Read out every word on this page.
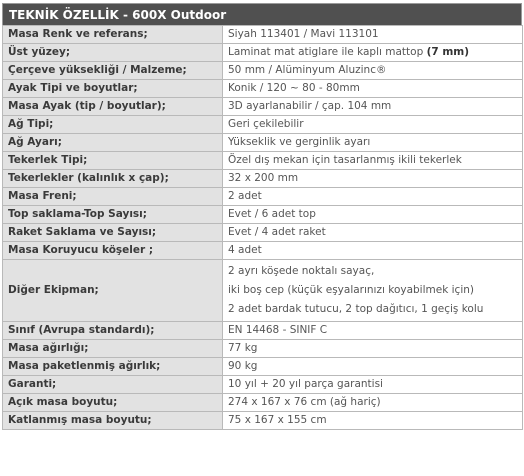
TEKNİK ÖZELLİK - 600X Outdoor
Masa Renk ve referans;	Siyah 113401 / Mavi 113101
Üst yüzey;	Laminat mat atiglare ile kaplı mattop (7 mm)
Çerçeve yüksekliği / Malzeme;	50 mm / Alüminyum Aluzinc®
Ayak Tipi ve boyutlar;	Konik / 120 ~ 80 - 80mm
Masa Ayak (tip / boyutlar);	3D ayarlanabilir / çap. 104 mm
Ağ Tipi;	Geri çekilebilir
Ağ Ayarı;	Yükseklik ve gerginlik ayarı
Tekerlek Tipi;	Özel dış mekan için tasarlanmış ikili tekerlek
Tekerlekler (kalınlık x çap);	32 x 200 mm
Masa Freni;	2 adet
Top saklama-Top Sayısı;	Evet / 6 adet top
Raket Saklama ve Sayısı;	Evet / 4 adet raket
Masa Koruyucu köşeler ;	4 adet
Diğer Ekipman;	2 ayrı köşede noktalı sayaç,
iki boş cep (küçük eşyalarınızı koyabilmek için)
2 adet bardak tutucu, 2 top dağıtıcı, 1 geçiş kolu

Sınıf (Avrupa standardı);	EN 14468 - SINIF C
Masa ağırlığı;	77 kg
Masa paketlenmiş ağırlık;	90 kg
Garanti;	10 yıl + 20 yıl parça garantisi
Açık masa boyutu;	274 x 167 x 76 cm (ağ hariç)
Katlanmış masa boyutu;	75 x 167 x 155 cm
